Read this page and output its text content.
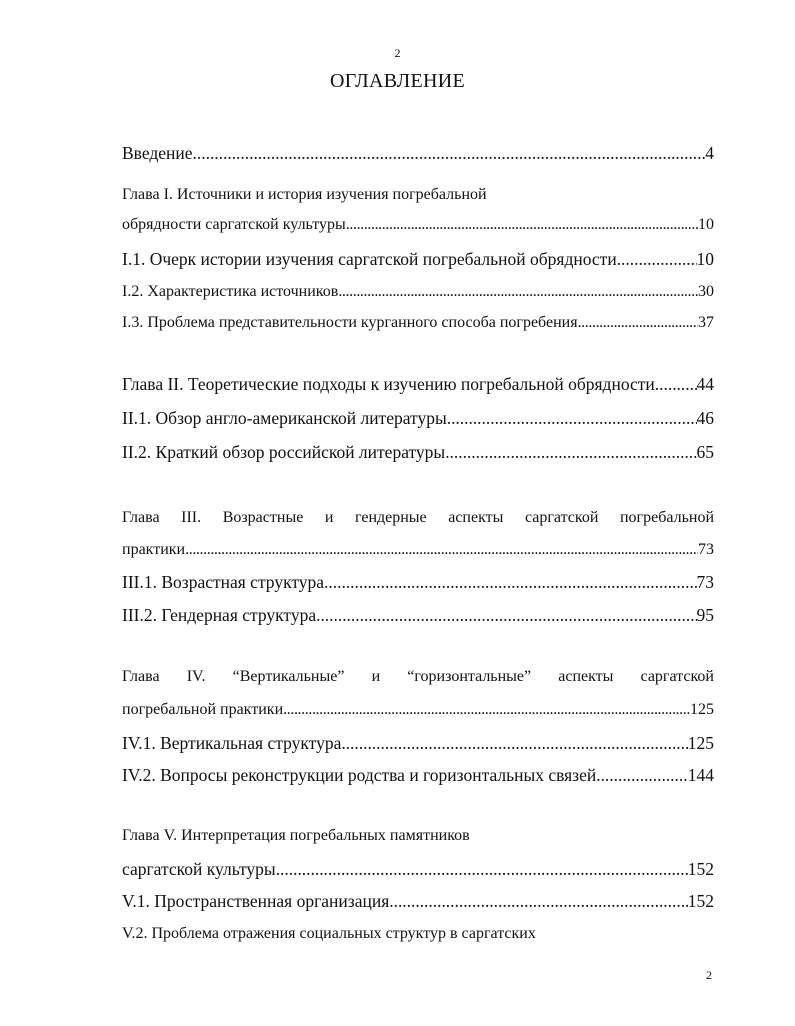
2
ОГЛАВЛЕНИЕ
Введение . . .	4
Глава I. Источники и история изучения погребальной
обрядности саргатской культуры . . .	10
I.1. Очерк истории изучения саргатской погребальной обрядности . . .	10
I.2. Характеристика источников . . .	30
I.3. Проблема представительности курганного способа погребения . . .	37
Глава II. Теоретические подходы к изучению погребальной обрядности . . . 44
II.1. Обзор англо-американской литературы . . .	46
II.2. Краткий обзор российской литературы . . .	65
Глава III. Возрастные и гендерные аспекты саргатской погребальной
практики . . .	73
III.1. Возрастная структура . . .	73
III.2. Гендерная структура . . .	95
Глава IV. “Вертикальные” и “горизонтальные” аспекты саргатской
погребальной практики . . .	125
IV.1. Вертикальная структура . . .	125
IV.2. Вопросы реконструкции родства и горизонтальных связей . . .	144
Глава V. Интерпретация погребальных памятников
саргатской культуры . . .	152
V.1. Пространственная организация . . .	152
V.2. Проблема отражения социальных структур в саргатских
2
